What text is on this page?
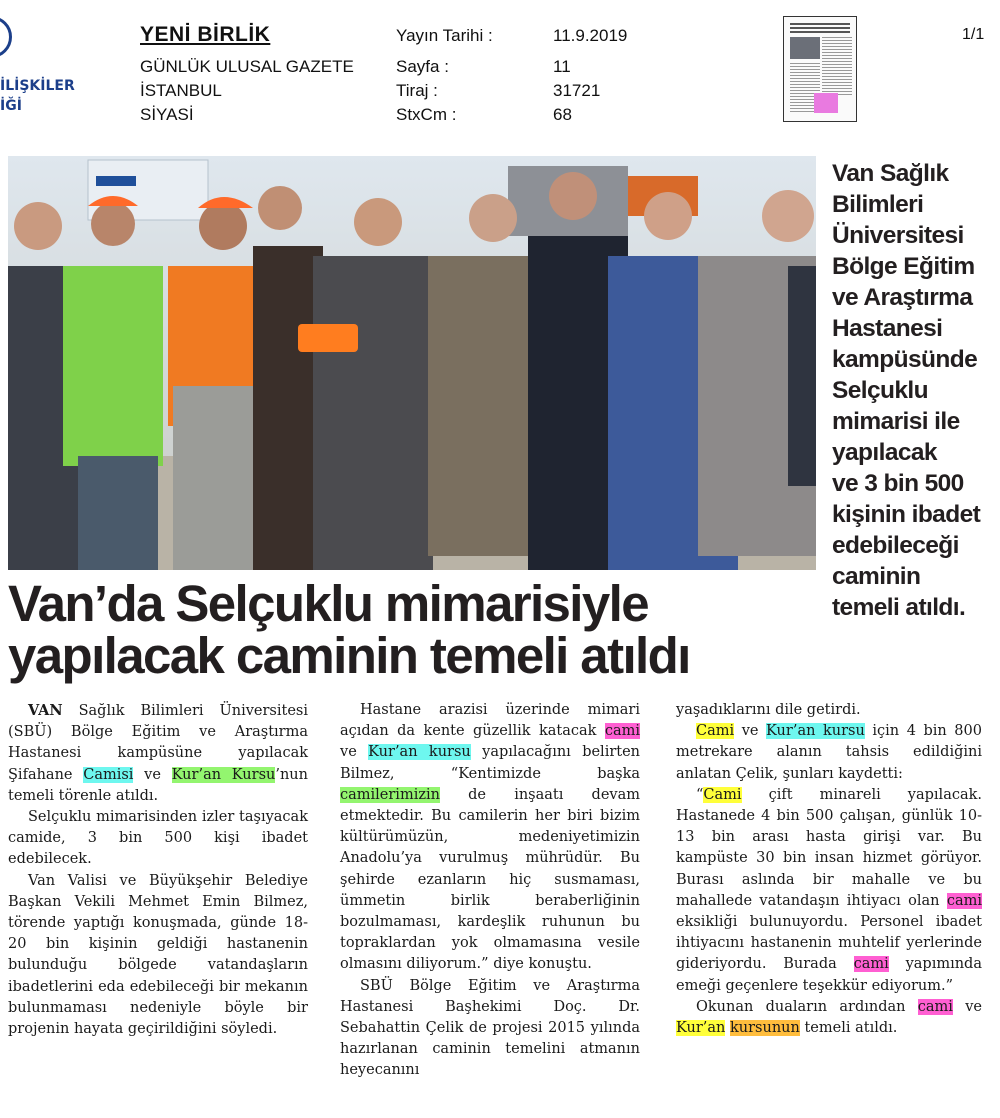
İLİŞKİLER
İĞİ
YENİ BİRLİK
GÜNLÜK ULUSAL GAZETE
İSTANBUL
SİYASİ
Yayın Tarihi :
Sayfa :
Tiraj :
StxCm :
11.9.2019
11
31721
68
1/1
Van Sağlık
Bilimleri
Üniversitesi
Bölge Eğitim
ve Araştırma
Hastanesi
kampüsünde
Selçuklu
mimarisi ile
yapılacak
ve 3 bin 500
kişinin ibadet
edebileceği
caminin
temeli atıldı.
Van’da Selçuklu mimarisiyle
yapılacak caminin temeli atıldı

VAN Sağlık Bilimleri Üniversitesi (SBÜ) Bölge Eğitim ve Araştırma Hastanesi kampüsüne yapılacak Şifahane Camisi ve Kur’an Kursu’nun temeli törenle atıldı.

Selçuklu mimarisinden izler taşıyacak camide, 3 bin 500 kişi ibadet edebilecek.

Van Valisi ve Büyükşehir Belediye Başkan Vekili Mehmet Emin Bilmez, törende yaptığı konuşmada, günde 18-20 bin kişinin geldiği hastanenin bulunduğu bölgede vatandaşların ibadetlerini eda edebileceği bir mekanın bulunmaması nedeniyle böyle bir projenin hayata geçirildiğini söyledi.

Hastane arazisi üzerinde mimari açıdan da kente güzellik katacak cami ve Kur’an kursu yapılacağını belirten Bilmez, “Kentimizde başka camilerimizin de inşaatı devam etmektedir. Bu camilerin her biri bizim kültürümüzün, medeniyetimizin Anadolu’ya vurulmuş mührüdür. Bu şehirde ezanların hiç susmaması, ümmetin birlik beraberliğinin bozulmaması, kardeşlik ruhunun bu topraklardan yok olmamasına vesile olmasını diliyorum.” diye konuştu.

SBÜ Bölge Eğitim ve Araştırma Hastanesi Başhekimi Doç. Dr. Sebahattin Çelik de projesi 2015 yılında hazırlanan caminin temelini atmanın heyecanını

yaşadıklarını dile getirdi.

Cami ve Kur’an kursu için 4 bin 800 metrekare alanın tahsis edildiğini anlatan Çelik, şunları kaydetti:

“Cami çift minareli yapılacak. Hastanede 4 bin 500 çalışan, günlük 10-13 bin arası hasta girişi var. Bu kampüste 30 bin insan hizmet görüyor. Burası aslında bir mahalle ve bu mahallede vatandaşın ihtiyacı olan cami eksikliği bulunuyordu. Personel ibadet ihtiyacını hastanenin muhtelif yerlerinde gideriyordu. Burada cami yapımında emeği geçenlere teşekkür ediyorum.”

Okunan duaların ardından cami ve Kur’an kursunun temeli atıldı.
